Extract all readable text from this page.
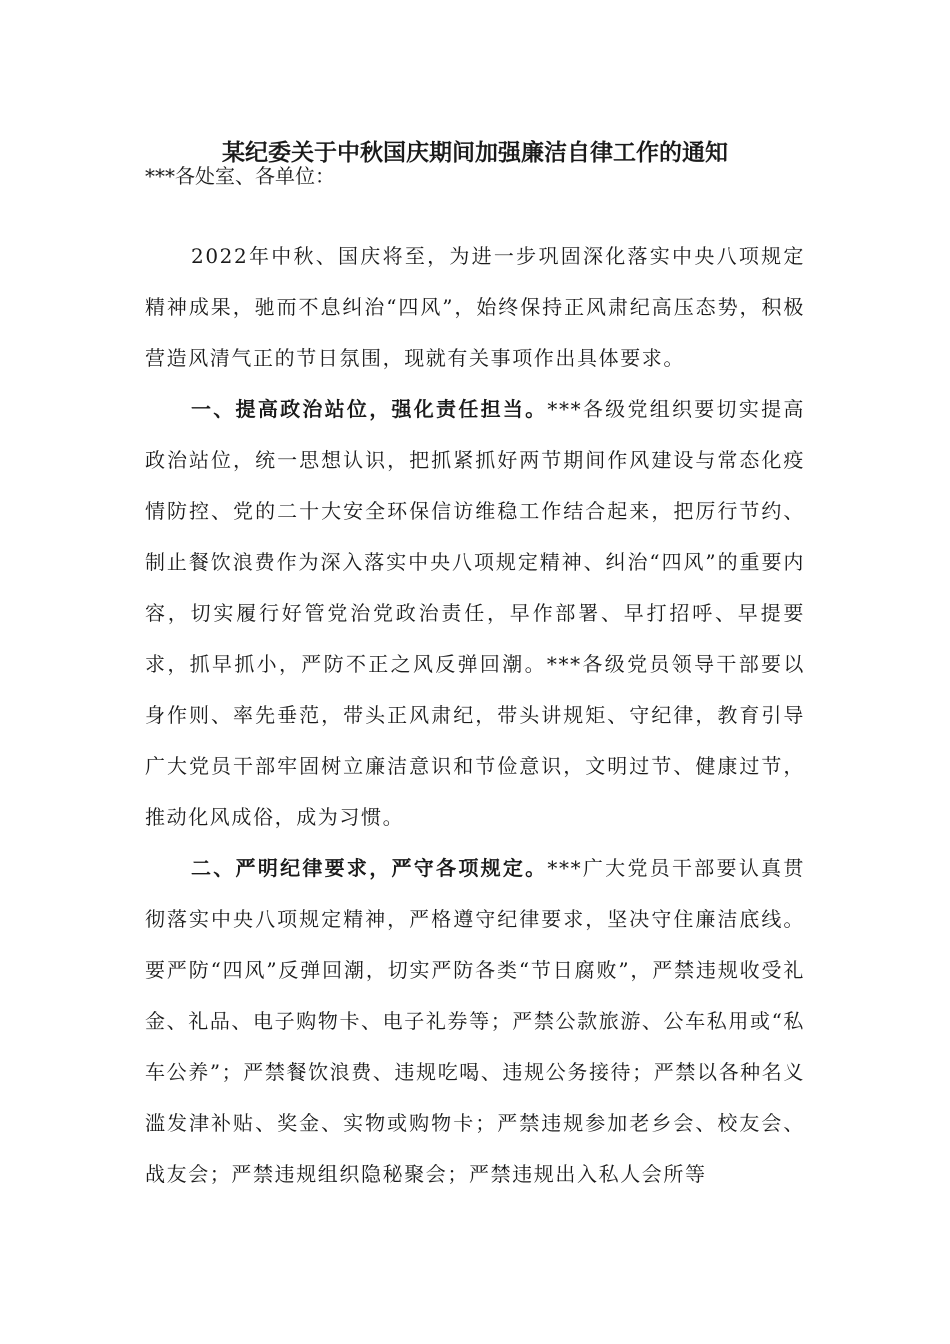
某纪委关于中秋国庆期间加强廉洁自律工作的通知
***各处室、各单位：

2022年中秋、国庆将至，为进一步巩固深化落实中央八项规定精神成果，驰而不息纠治“四风”，始终保持正风肃纪高压态势，积极营造风清气正的节日氛围，现就有关事项作出具体要求。

一、提高政治站位，强化责任担当。***各级党组织要切实提高政治站位，统一思想认识，把抓紧抓好两节期间作风建设与常态化疫情防控、党的二十大安全环保信访维稳工作结合起来，把厉行节约、制止餐饮浪费作为深入落实中央八项规定精神、纠治“四风”的重要内容，切实履行好管党治党政治责任，早作部署、早打招呼、早提要求，抓早抓小，严防不正之风反弹回潮。***各级党员领导干部要以身作则、率先垂范，带头正风肃纪，带头讲规矩、守纪律，教育引导广大党员干部牢固树立廉洁意识和节俭意识，文明过节、健康过节，推动化风成俗，成为习惯。

二、严明纪律要求，严守各项规定。***广大党员干部要认真贯彻落实中央八项规定精神，严格遵守纪律要求，坚决守住廉洁底线。要严防“四风”反弹回潮，切实严防各类“节日腐败”，严禁违规收受礼金、礼品、电子购物卡、电子礼券等；严禁公款旅游、公车私用或“私车公养”；严禁餐饮浪费、违规吃喝、违规公务接待；严禁以各种名义滥发津补贴、奖金、实物或购物卡；严禁违规参加老乡会、校友会、战友会；严禁违规组织隐秘聚会；严禁违规出入私人会所等
